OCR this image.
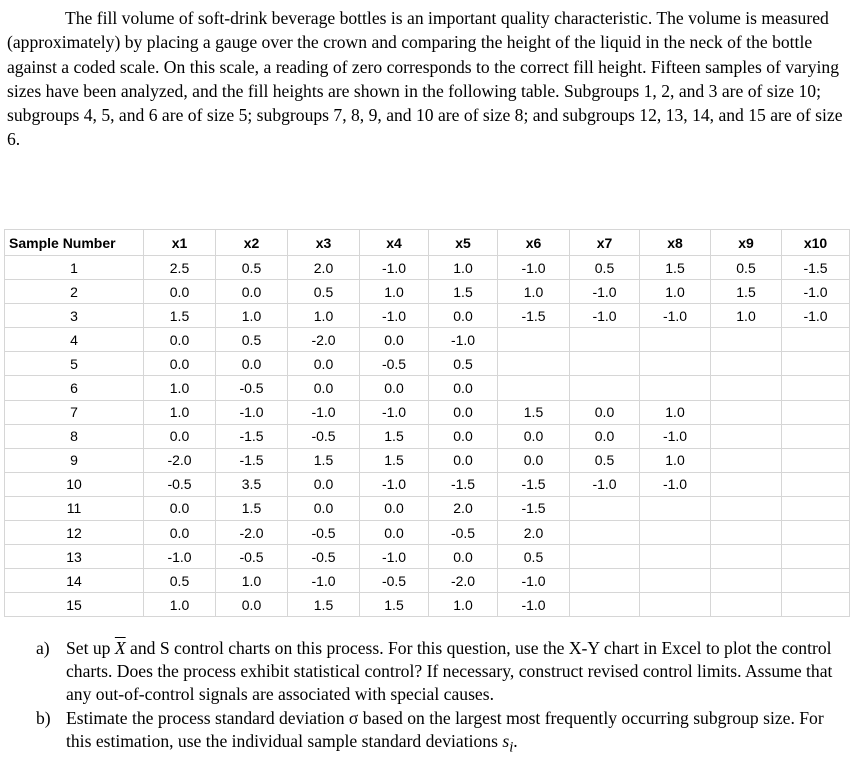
The fill volume of soft-drink beverage bottles is an important quality characteristic. The volume is measured (approximately) by placing a gauge over the crown and comparing the height of the liquid in the neck of the bottle against a coded scale. On this scale, a reading of zero corresponds to the correct fill height. Fifteen samples of varying sizes have been analyzed, and the fill heights are shown in the following table. Subgroups 1, 2, and 3 are of size 10; subgroups 4, 5, and 6 are of size 5; subgroups 7, 8, 9, and 10 are of size 8; and subgroups 12, 13, 14, and 15 are of size 6.

Sample Number	x1	x2	x3	x4	x5	x6	x7	x8	x9	x10
1	2.5	0.5	2.0	-1.0	1.0	-1.0	0.5	1.5	0.5	-1.5
2	0.0	0.0	0.5	1.0	1.5	1.0	-1.0	1.0	1.5	-1.0
3	1.5	1.0	1.0	-1.0	0.0	-1.5	-1.0	-1.0	1.0	-1.0
4	0.0	0.5	-2.0	0.0	-1.0					
5	0.0	0.0	0.0	-0.5	0.5					
6	1.0	-0.5	0.0	0.0	0.0					
7	1.0	-1.0	-1.0	-1.0	0.0	1.5	0.0	1.0		
8	0.0	-1.5	-0.5	1.5	0.0	0.0	0.0	-1.0		
9	-2.0	-1.5	1.5	1.5	0.0	0.0	0.5	1.0		
10	-0.5	3.5	0.0	-1.0	-1.5	-1.5	-1.0	-1.0		
11	0.0	1.5	0.0	0.0	2.0	-1.5				
12	0.0	-2.0	-0.5	0.0	-0.5	2.0				
13	-1.0	-0.5	-0.5	-1.0	0.0	0.5				
14	0.5	1.0	-1.0	-0.5	-2.0	-1.0				
15	1.0	0.0	1.5	1.5	1.0	-1.0				
a) Set up $\overline{X}$ and S control charts on this process. For this question, use the X-Y chart in Excel to plot the control charts. Does the process exhibit statistical control? If necessary, construct revised control limits. Assume that any out-of-control signals are associated with special causes.
b) Estimate the process standard deviation σ based on the largest most frequently occurring subgroup size. For this estimation, use the individual sample standard deviations $s_i$.
